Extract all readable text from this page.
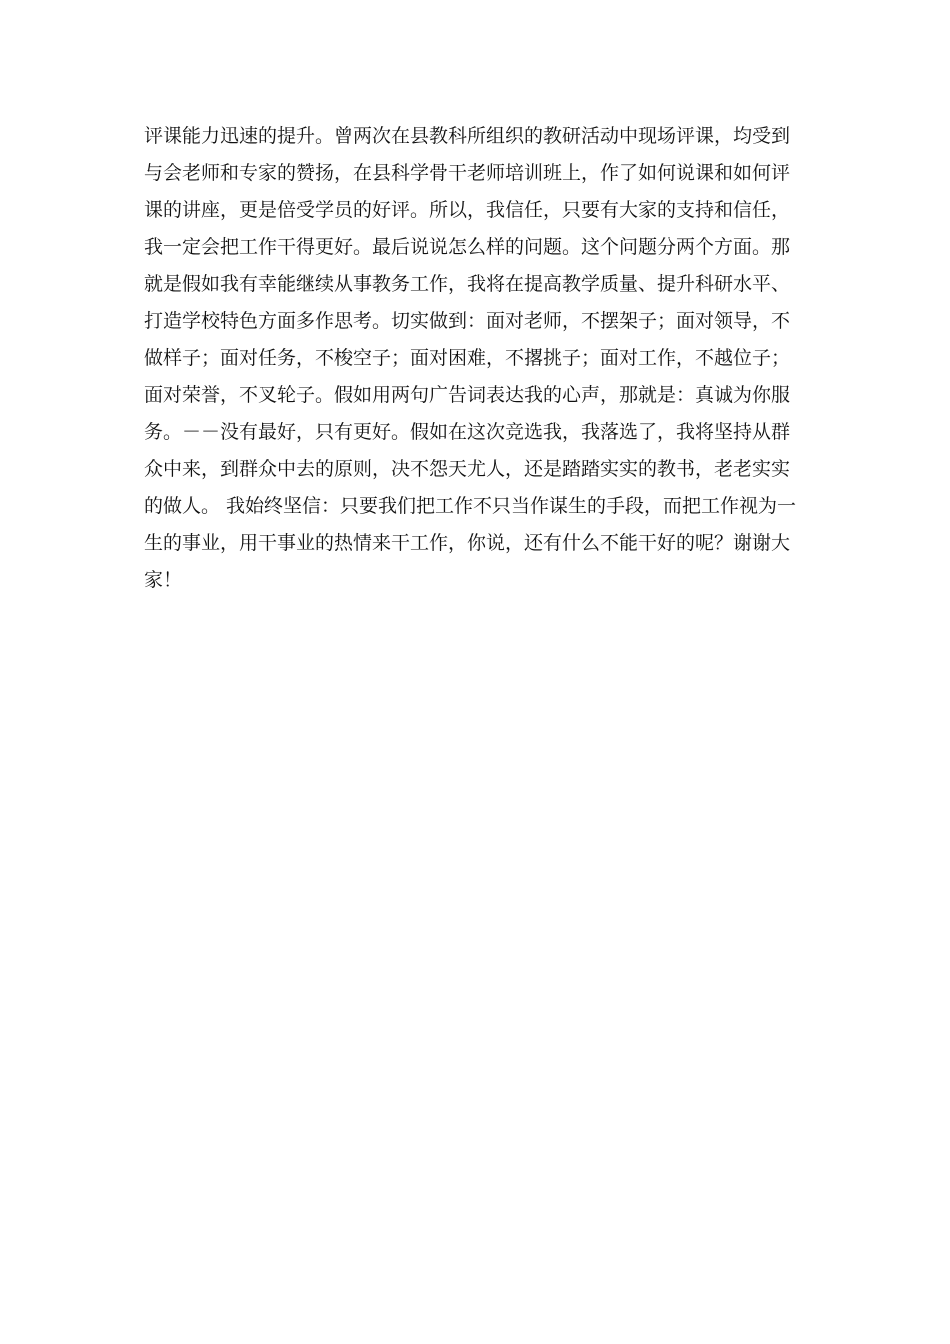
评课能力迅速的提升。曾两次在县教科所组织的教研活动中现场评课，均受到
与会老师和专家的赞扬，在县科学骨干老师培训班上，作了如何说课和如何评
课的讲座，更是倍受学员的好评。所以，我信任，只要有大家的支持和信任，
我一定会把工作干得更好。最后说说怎么样的问题。这个问题分两个方面。那
就是假如我有幸能继续从事教务工作，我将在提高教学质量、提升科研水平、
打造学校特色方面多作思考。切实做到：面对老师，不摆架子；面对领导，不
做样子；面对任务，不梭空子；面对困难，不撂挑子；面对工作，不越位子；
面对荣誉，不叉轮子。假如用两句广告词表达我的心声，那就是：真诚为你服
务。－－没有最好，只有更好。假如在这次竞选我，我落选了，我将坚持从群
众中来，到群众中去的原则，决不怨天尤人，还是踏踏实实的教书，老老实实
的做人。 我始终坚信：只要我们把工作不只当作谋生的手段，而把工作视为一
生的事业，用干事业的热情来干工作，你说，还有什么不能干好的呢？谢谢大
家！
